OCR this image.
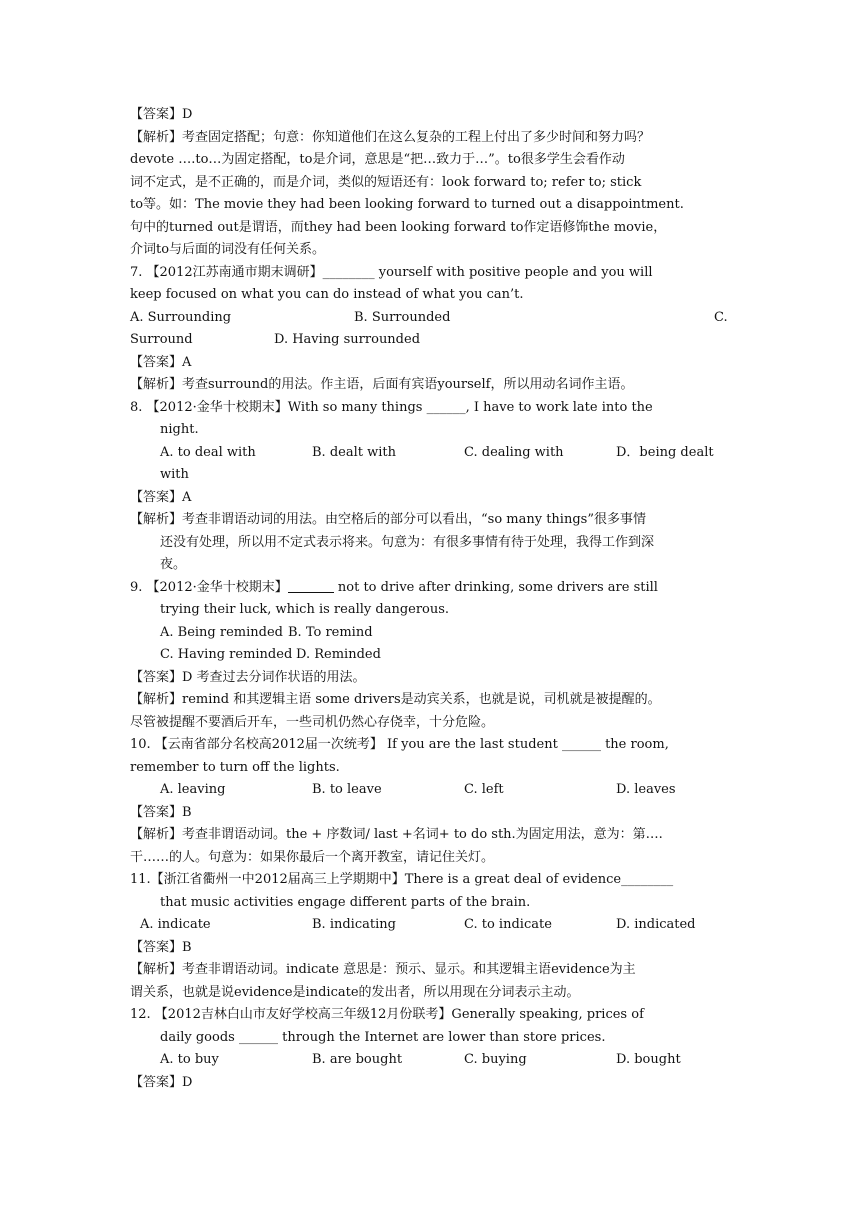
【答案】D
【解析】考查固定搭配；句意：你知道他们在这么复杂的工程上付出了多少时间和努力吗？
devote ….to…为固定搭配，to是介词，意思是“把…致力于…”。to很多学生会看作动
词不定式，是不正确的，而是介词，类似的短语还有：look forward to; refer to; stick
to等。如：The movie they had been looking forward to turned out a disappointment.
句中的turned out是谓语，而they had been looking forward to作定语修饰the movie，
介词to与后面的词没有任何关系。
7. 【2012江苏南通市期末调研】________ yourself with positive people and you will
keep focused on what you can do instead of what you can’t.
A. Surrounding	B. Surrounded	C.
Surround	D. Having surrounded
【答案】A
【解析】考查surround的用法。作主语，后面有宾语yourself，所以用动名词作主语。
8. 【2012·金华十校期末】With so many things ______, I have to work late into the
night.
A. to deal with	B. dealt with	C. dealing with	D．being dealt
with
【答案】A
【解析】考查非谓语动词的用法。由空格后的部分可以看出，“so many things”很多事情
还没有处理，所以用不定式表示将来。句意为：有很多事情有待于处理，我得工作到深
夜。
9. 【2012·金华十校期末】	not to drive after drinking, some drivers are still
trying their luck, which is really dangerous.
A. Being reminded B. To remind
C. Having reminded D. Reminded
【答案】D 考查过去分词作状语的用法。
【解析】remind 和其逻辑主语 some drivers是动宾关系，也就是说，司机就是被提醒的。
尽管被提醒不要酒后开车，一些司机仍然心存侥幸，十分危险。
10. 【云南省部分名校高2012届一次统考】 If you are the last student ______ the room,
remember to turn off the lights.
A. leaving	B. to leave	C. left	D. leaves
【答案】B
【解析】考查非谓语动词。the + 序数词/ last +名词+ to do sth.为固定用法，意为：第….
干……的人。句意为：如果你最后一个离开教室，请记住关灯。
11.【浙江省衢州一中2012届高三上学期期中】There is a great deal of evidence________
that music activities engage different parts of the brain.
A. indicate	B. indicating	C. to indicate	D. indicated
【答案】B
【解析】考查非谓语动词。indicate 意思是：预示、显示。和其逻辑主语evidence为主
谓关系，也就是说evidence是indicate的发出者，所以用现在分词表示主动。
12. 【2012吉林白山市友好学校高三年级12月份联考】Generally speaking, prices of
daily goods ______ through the Internet are lower than store prices.
A. to buy	B. are bought	C. buying	D. bought
【答案】D
